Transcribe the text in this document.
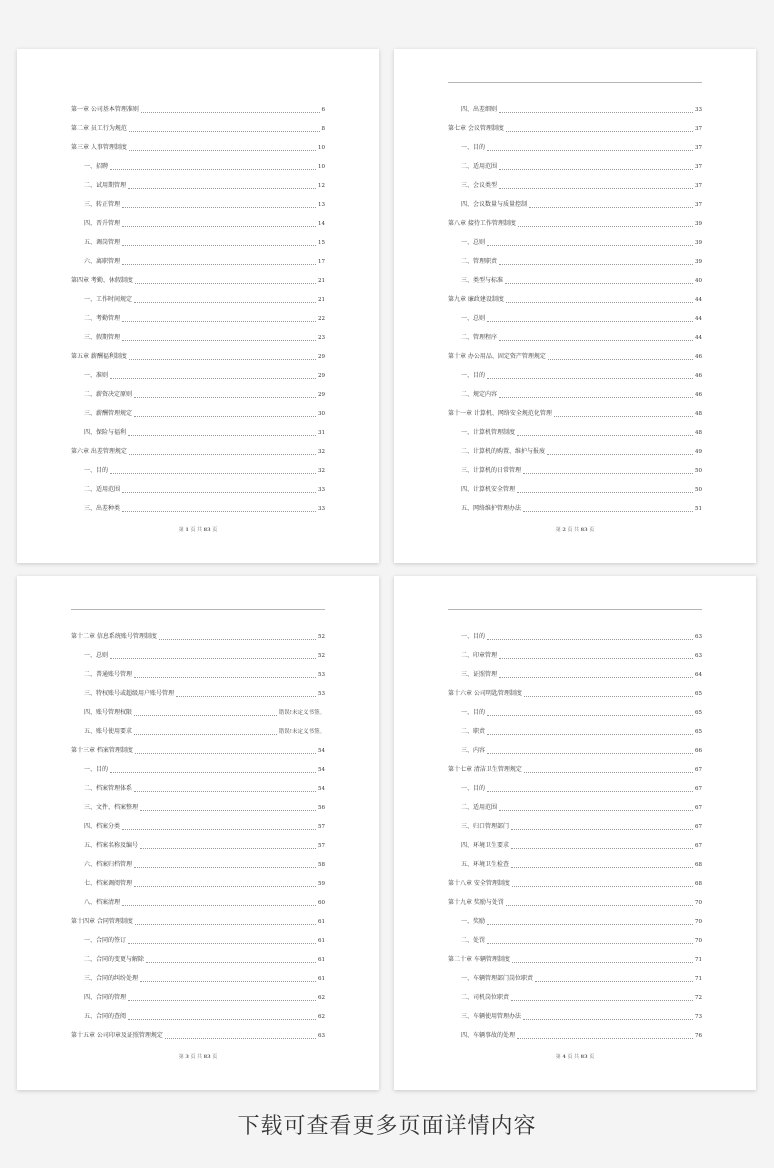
第一章 公司基本管理准则	6
第二章 员工行为规范	8
第三章 人事管理制度	10
一、招聘	10
二、试用期管理	12
三、转正管理	13
四、晋升管理	14
五、调岗管理	15
六、离职管理	17
第四章 考勤、休假制度	21
一、工作时间规定	21
二、考勤管理	22
三、假期管理	23
第五章 薪酬福利制度	29
一、准则	29
二、薪资决定原则	29
三、薪酬管理规定	30
四、保险与福利	31
第六章 出差管理规定	32
一、目的	32
二、适用范围	33
三、出差种类	33
第 1 页 共 83 页
四、出差细则	33
第七章 会议管理制度	37
一、目的	37
二、适用范围	37
三、会议类型	37
四、会议数量与质量控制	37
第八章 接待工作管理制度	39
一、总则	39
二、管理职责	39
三、类型与标准	40
第九章 廉政建设制度	44
一、总则	44
二、管理程序	44
第十章 办公用品、固定资产管理规定	46
一、目的	46
二、规定内容	46
第十一章 计算机、网络安全规范化管理	48
一、计算机管理制度	48
二、计算机的购置、维护与报废	49
三、计算机的日常管理	50
四、计算机安全管理	50
五、网络维护管理办法	51
第 2 页 共 83 页
第十二章 信息系统账号管理制度	52
一、总则	52
二、普通账号管理	53
三、特权账号或超级用户账号管理	53
四、账号管理权限	错误!未定义书签。
五、账号使用要求	错误!未定义书签。
第十三章 档案管理制度	54
一、目的	54
二、档案管理体系	54
三、文件、档案整理	56
四、档案分类	57
五、档案名称及编号	57
六、档案归档管理	58
七、档案调阅管理	59
八、档案清理	60
第十四章 合同管理制度	61
一、合同的签订	61
二、合同的变更与解除	61
三、合同的纠纷处理	61
四、合同的管理	62
五、合同的查阅	62
第十五章 公司印章及证照管理规定	63
第 3 页 共 83 页
一、目的	63
二、印章管理	63
三、证照管理	64
第十六章 公司明匙管理制度	65
一、目的	65
二、职责	65
三、内容	66
第十七章 清洁卫生管理规定	67
一、目的	67
二、适用范围	67
三、归口管理部门	67
四、环境卫生要求	67
五、环境卫生检查	68
第十八章 安全管理制度	68
第十九章 奖励与处罚	70
一、奖励	70
二、处罚	70
第二十章 车辆管理制度	71
一、车辆管理部门岗位职责	71
二、司机岗位职责	72
三、车辆使用管理办法	73
四、车辆事故的处理	76
第 4 页 共 83 页
下载可查看更多页面详情内容
